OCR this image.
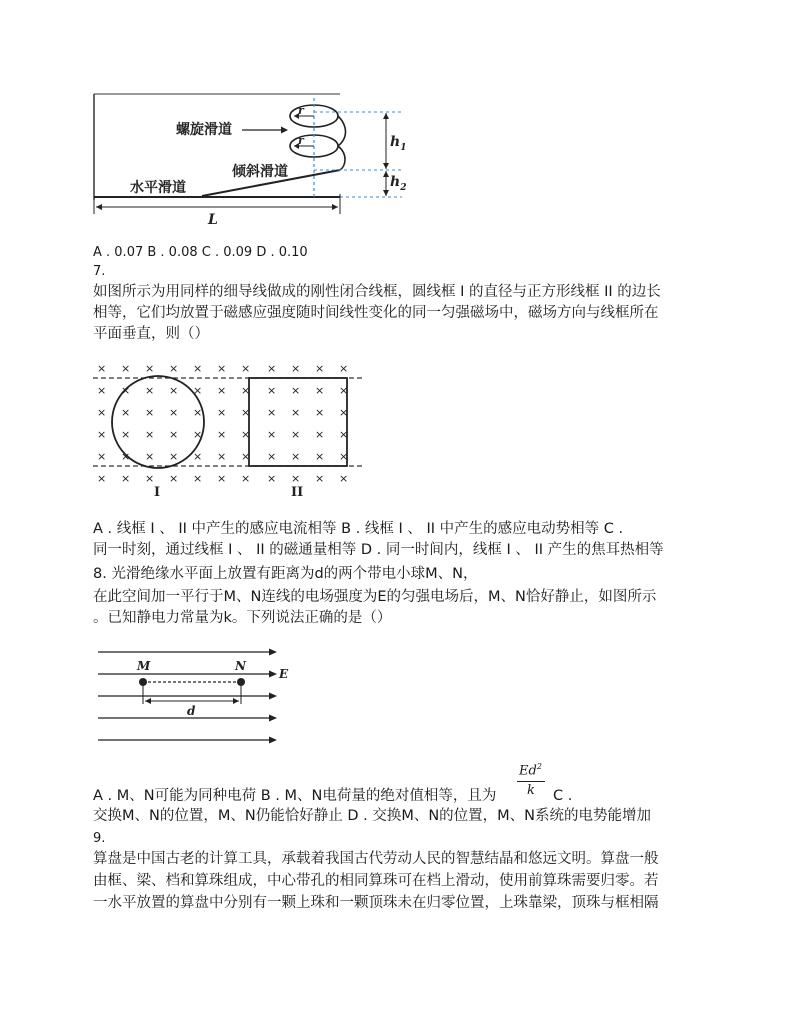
r
r	$h_1$
$h_2$
螺旋滑道
倾斜滑道
水平滑道
L
A . 0.07 B . 0.08 C . 0.09 D . 0.10
7.
如图所示为用同样的细导线做成的刚性闭合线框，圆线框 I 的直径与正方形线框 II 的边长
相等，它们均放置于磁感应强度随时间线性变化的同一匀强磁场中，磁场方向与线框所在
平面垂直，则（）
× × × × × × × × × × ×
× × × × × × × × × × ×
× × × × × × × × × × ×
× × × × × × × × × × ×
× × × × × × × × × × ×
× × × × × × × × × × ×
I	II
A . 线框 I 、 II 中产生的感应电流相等 B . 线框 I 、 II 中产生的感应电动势相等 C .
同一时刻，通过线框 I 、 II 的磁通量相等 D . 同一时间内，线框 I 、 II 产生的焦耳热相等
8. 光滑绝缘水平面上放置有距离为d的两个带电小球M、N，
在此空间加一平行于M、N连线的电场强度为E的匀强电场后，M、N恰好静止，如图所示
。已知静电力常量为k。下列说法正确的是（）
E
M	N
d
Ed$^2$
k
A . M、N可能为同种电荷 B . M、N电荷量的绝对值相等，且为	C .
交换M、N的位置，M、N仍能恰好静止 D . 交换M、N的位置，M、N系统的电势能增加
9.
算盘是中国古老的计算工具，承载着我国古代劳动人民的智慧结晶和悠远文明。算盘一般
由框、梁、档和算珠组成，中心带孔的相同算珠可在档上滑动，使用前算珠需要归零。若
一水平放置的算盘中分别有一颗上珠和一颗顶珠未在归零位置，上珠靠梁，顶珠与框相隔
